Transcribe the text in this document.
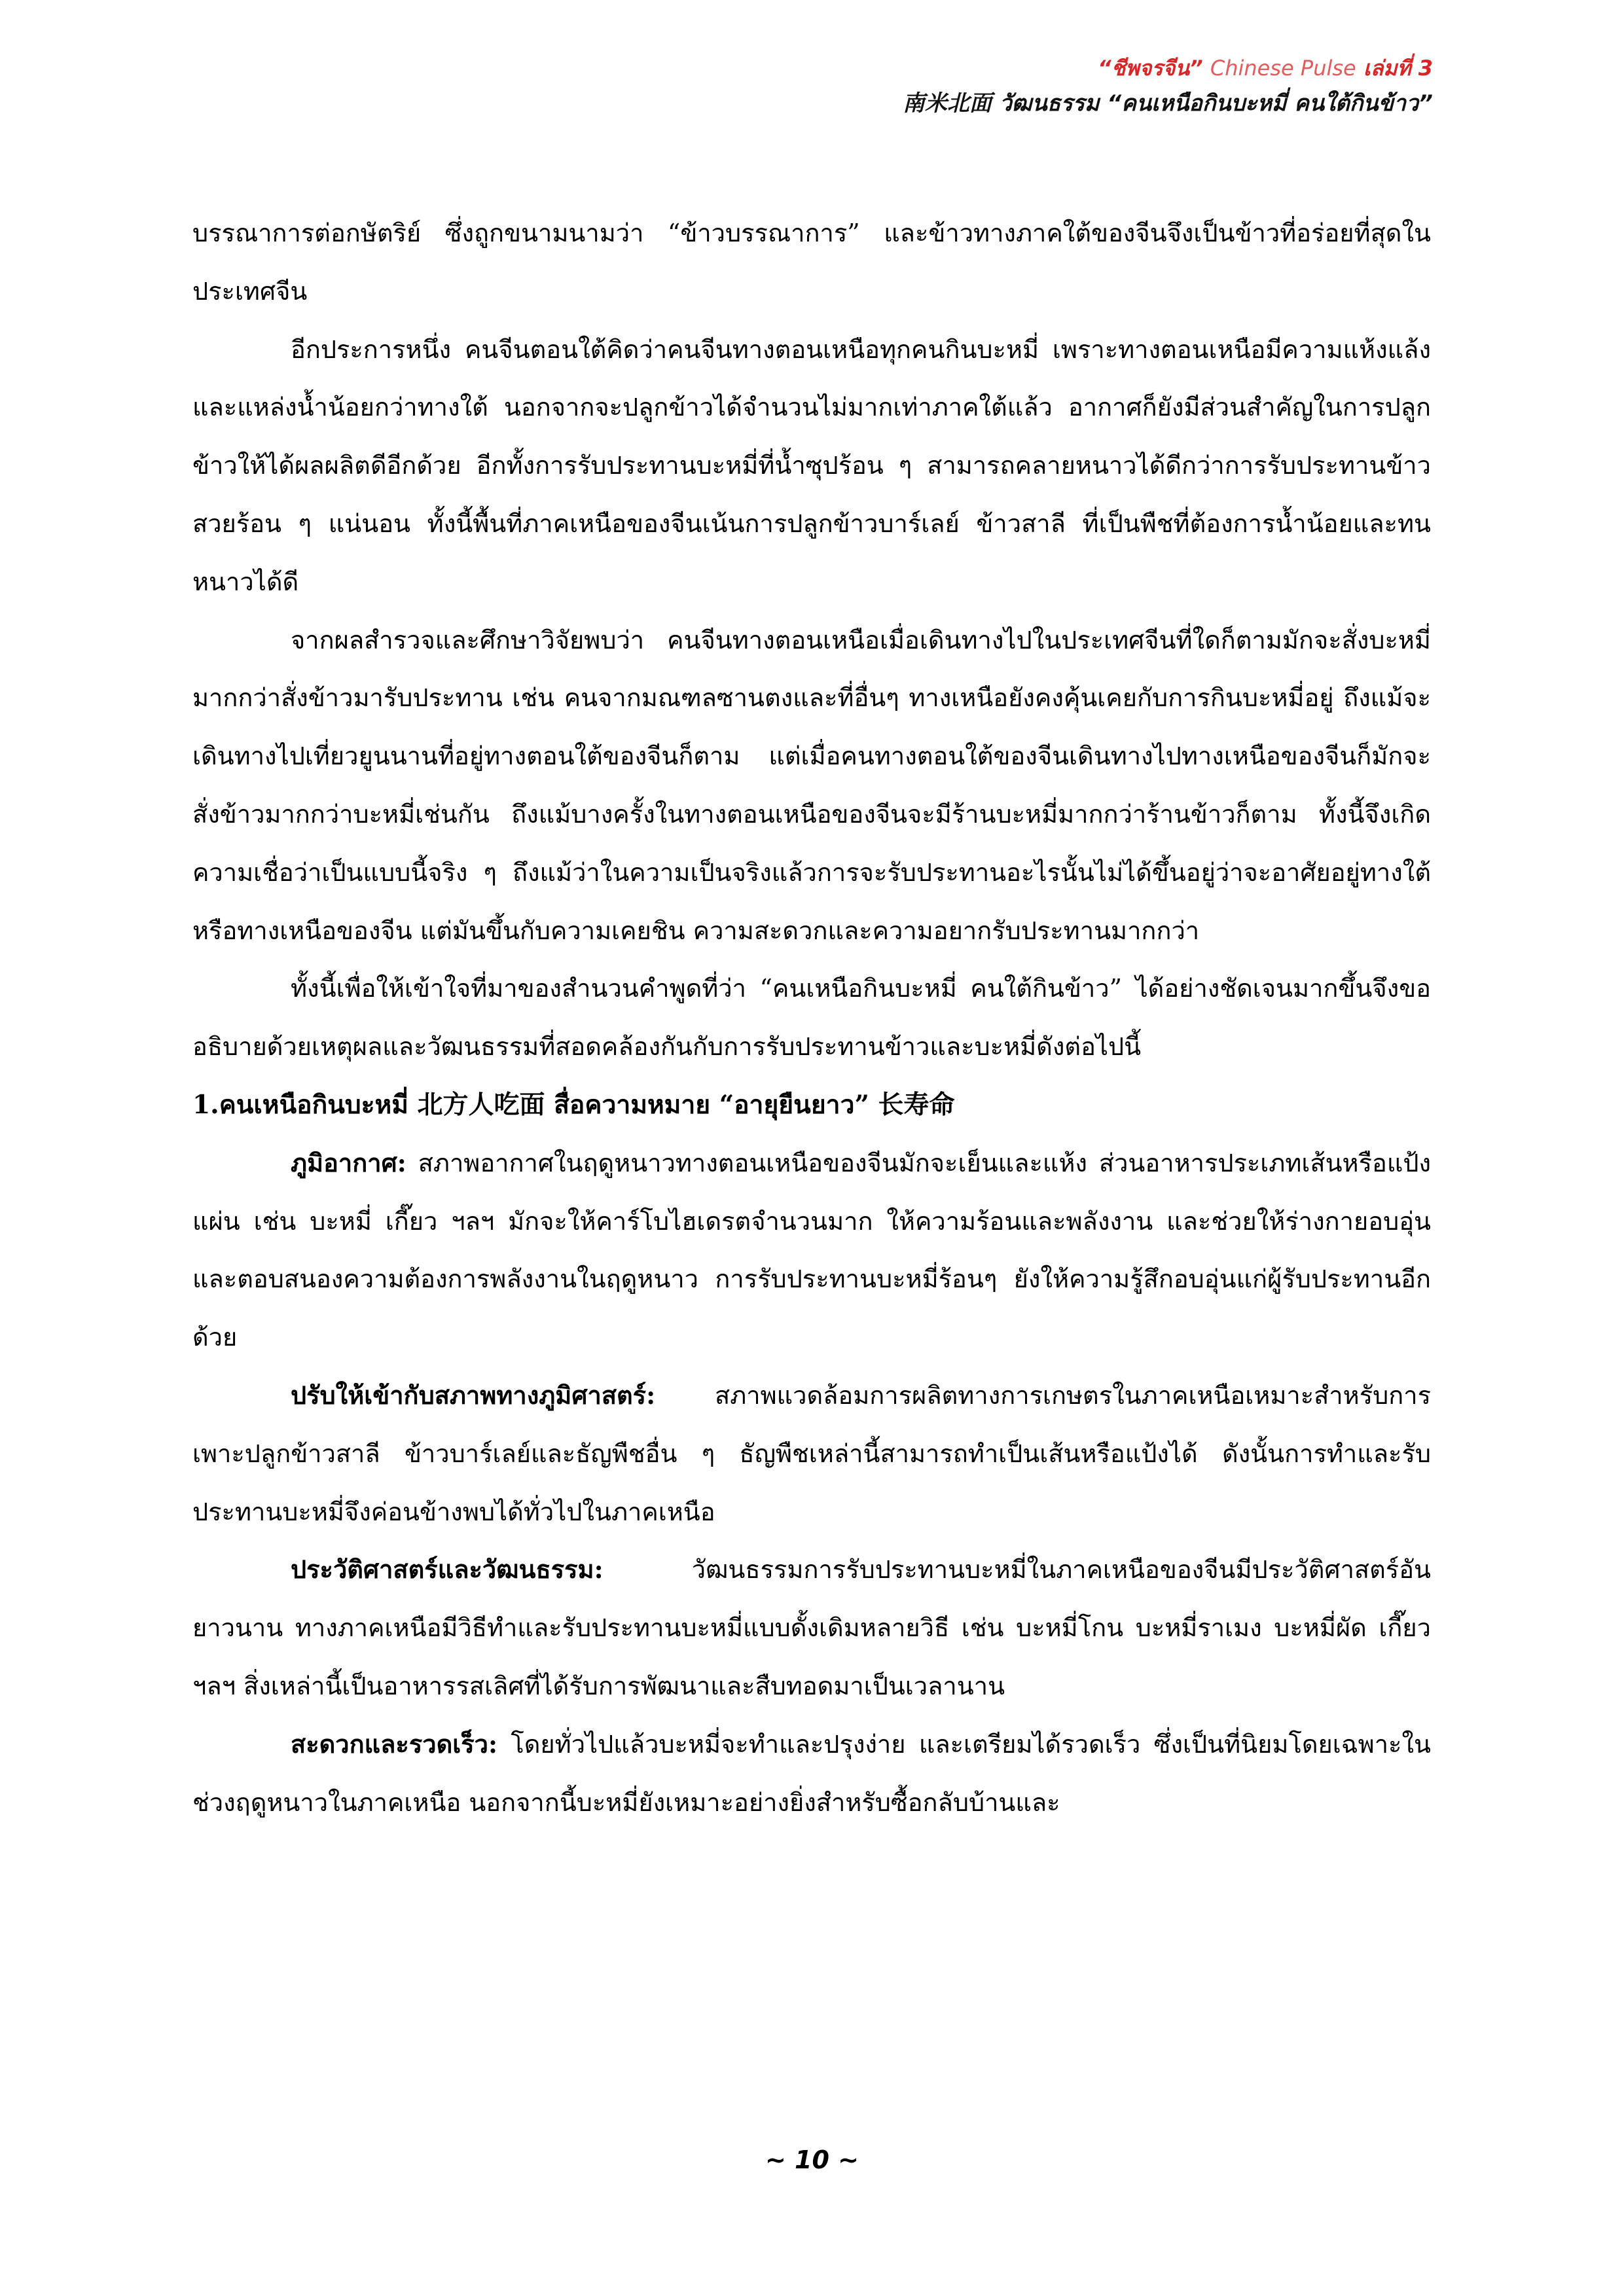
“ชีพจรจีน” Chinese Pulse เล่มที่ 3
南米北面 วัฒนธรรม “คนเหนือกินบะหมี่ คนใต้กินข้าว”

บรรณาการต่อกษัตริย์ ซึ่งถูกขนามนามว่า “ข้าวบรรณาการ” และข้าวทางภาคใต้ของจีนจึงเป็นข้าวที่อร่อยที่สุดในประเทศจีน

อีกประการหนึ่ง คนจีนตอนใต้คิดว่าคนจีนทางตอนเหนือทุกคนกินบะหมี่ เพราะทางตอนเหนือมีความแห้งแล้งและแหล่งน้ำน้อยกว่าทางใต้ นอกจากจะปลูกข้าวได้จำนวนไม่มากเท่าภาคใต้แล้ว อากาศก็ยังมีส่วนสำคัญในการปลูกข้าวให้ได้ผลผลิตดีอีกด้วย อีกทั้งการรับประทานบะหมี่ที่น้ำซุปร้อน ๆ สามารถคลายหนาวได้ดีกว่าการรับประทานข้าวสวยร้อน ๆ แน่นอน ทั้งนี้พื้นที่ภาคเหนือของจีนเน้นการปลูกข้าวบาร์เลย์ ข้าวสาลี ที่เป็นพืชที่ต้องการน้ำน้อยและทนหนาวได้ดี

จากผลสำรวจและศึกษาวิจัยพบว่า คนจีนทางตอนเหนือเมื่อเดินทางไปในประเทศจีนที่ใดก็ตามมักจะสั่งบะหมี่มากกว่าสั่งข้าวมารับประทาน เช่น คนจากมณฑลซานตงและที่อื่นๆ ทางเหนือยังคงคุ้นเคยกับการกินบะหมี่อยู่ ถึงแม้จะเดินทางไปเที่ยวยูนนานที่อยู่ทางตอนใต้ของจีนก็ตาม แต่เมื่อคนทางตอนใต้ของจีนเดินทางไปทางเหนือของจีนก็มักจะสั่งข้าวมากกว่าบะหมี่เช่นกัน ถึงแม้บางครั้งในทางตอนเหนือของจีนจะมีร้านบะหมี่มากกว่าร้านข้าวก็ตาม ทั้งนี้จึงเกิดความเชื่อว่าเป็นแบบนี้จริง ๆ ถึงแม้ว่าในความเป็นจริงแล้วการจะรับประทานอะไรนั้นไม่ได้ขึ้นอยู่ว่าจะอาศัยอยู่ทางใต้หรือทางเหนือของจีน แต่มันขึ้นกับความเคยชิน ความสะดวกและความอยากรับประทานมากกว่า

ทั้งนี้เพื่อให้เข้าใจที่มาของสำนวนคำพูดที่ว่า “คนเหนือกินบะหมี่ คนใต้กินข้าว” ได้อย่างชัดเจนมากขึ้นจึงขออธิบายด้วยเหตุผลและวัฒนธรรมที่สอดคล้องกันกับการรับประทานข้าวและบะหมี่ดังต่อไปนี้

1.คนเหนือกินบะหมี่ 北方人吃面 สื่อความหมาย “อายุยืนยาว” 长寿命

ภูมิอากาศ: สภาพอากาศในฤดูหนาวทางตอนเหนือของจีนมักจะเย็นและแห้ง ส่วนอาหารประเภทเส้นหรือแป้งแผ่น เช่น บะหมี่ เกี๊ยว ฯลฯ มักจะให้คาร์โบไฮเดรตจำนวนมาก ให้ความร้อนและพลังงาน และช่วยให้ร่างกายอบอุ่นและตอบสนองความต้องการพลังงานในฤดูหนาว การรับประทานบะหมี่ร้อนๆ ยังให้ความรู้สึกอบอุ่นแก่ผู้รับประทานอีกด้วย

ปรับให้เข้ากับสภาพทางภูมิศาสตร์: สภาพแวดล้อมการผลิตทางการเกษตรในภาคเหนือเหมาะสำหรับการเพาะปลูกข้าวสาลี ข้าวบาร์เลย์และธัญพืชอื่น ๆ ธัญพืชเหล่านี้สามารถทำเป็นเส้นหรือแป้งได้ ดังนั้นการทำและรับประทานบะหมี่จึงค่อนข้างพบได้ทั่วไปในภาคเหนือ

ประวัติศาสตร์และวัฒนธรรม: วัฒนธรรมการรับประทานบะหมี่ในภาคเหนือของจีนมีประวัติศาสตร์อันยาวนาน ทางภาคเหนือมีวิธีทำและรับประทานบะหมี่แบบดั้งเดิมหลายวิธี เช่น บะหมี่โกน บะหมี่ราเมง บะหมี่ผัด เกี๊ยว ฯลฯ สิ่งเหล่านี้เป็นอาหารรสเลิศที่ได้รับการพัฒนาและสืบทอดมาเป็นเวลานาน

สะดวกและรวดเร็ว: โดยทั่วไปแล้วบะหมี่จะทำและปรุงง่าย และเตรียมได้รวดเร็ว ซึ่งเป็นที่นิยมโดยเฉพาะในช่วงฤดูหนาวในภาคเหนือ นอกจากนี้บะหมี่ยังเหมาะอย่างยิ่งสำหรับซื้อกลับบ้านและ

~ 10 ~
